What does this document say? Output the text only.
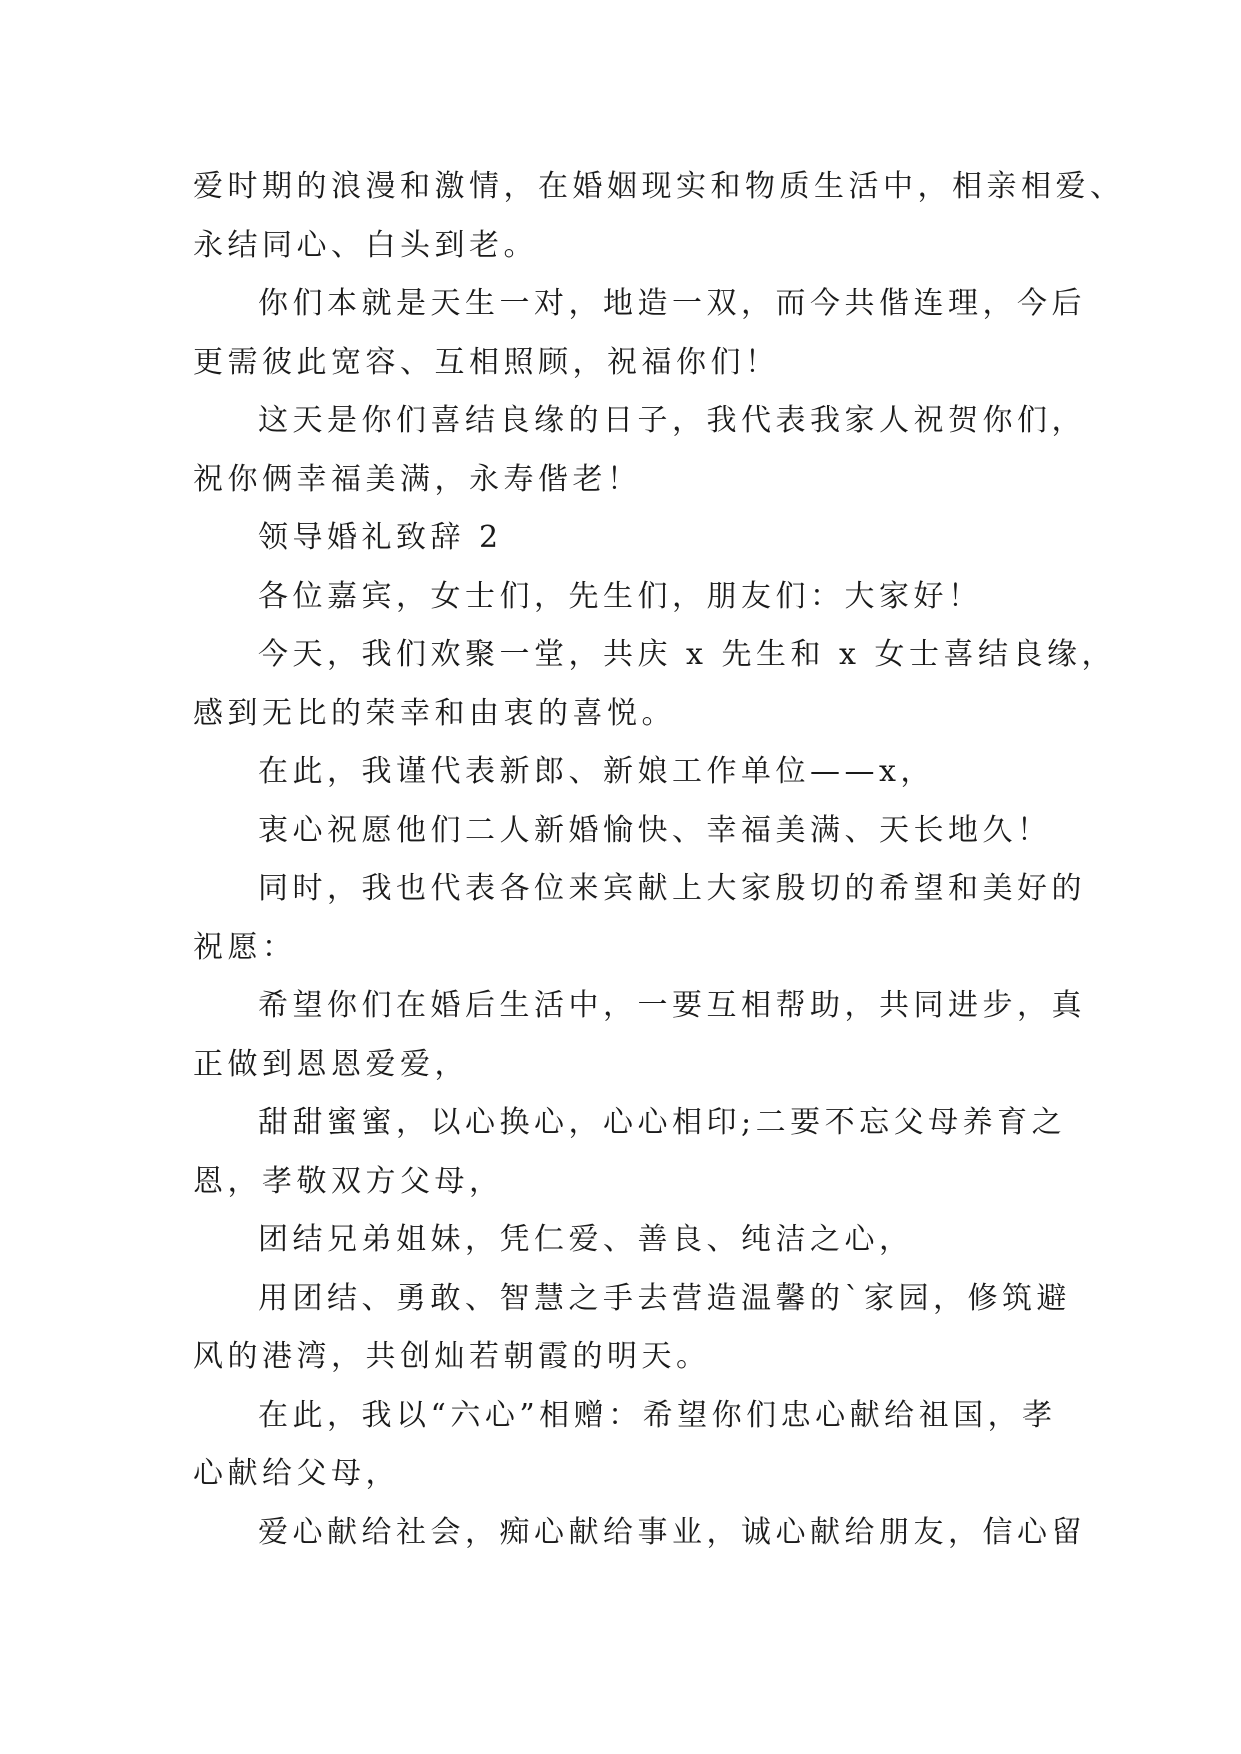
爱时期的浪漫和激情，在婚姻现实和物质生活中，相亲相爱、
永结同心、白头到老。
你们本就是天生一对，地造一双，而今共偕连理，今后
更需彼此宽容、互相照顾，祝福你们！
这天是你们喜结良缘的日子，我代表我家人祝贺你们，
祝你俩幸福美满，永寿偕老！
领导婚礼致辞 2
各位嘉宾，女士们，先生们，朋友们：大家好！
今天，我们欢聚一堂，共庆 x 先生和 x 女士喜结良缘，
感到无比的荣幸和由衷的喜悦。
在此，我谨代表新郎、新娘工作单位——x，
衷心祝愿他们二人新婚愉快、幸福美满、天长地久！
同时，我也代表各位来宾献上大家殷切的希望和美好的
祝愿：
希望你们在婚后生活中，一要互相帮助，共同进步，真
正做到恩恩爱爱，
甜甜蜜蜜，以心换心，心心相印;二要不忘父母养育之
恩，孝敬双方父母，
团结兄弟姐妹，凭仁爱、善良、纯洁之心，
用团结、勇敢、智慧之手去营造温馨的`家园，修筑避
风的港湾，共创灿若朝霞的明天。
在此，我以“六心”相赠：希望你们忠心献给祖国，孝
心献给父母，
爱心献给社会，痴心献给事业，诚心献给朋友，信心留
